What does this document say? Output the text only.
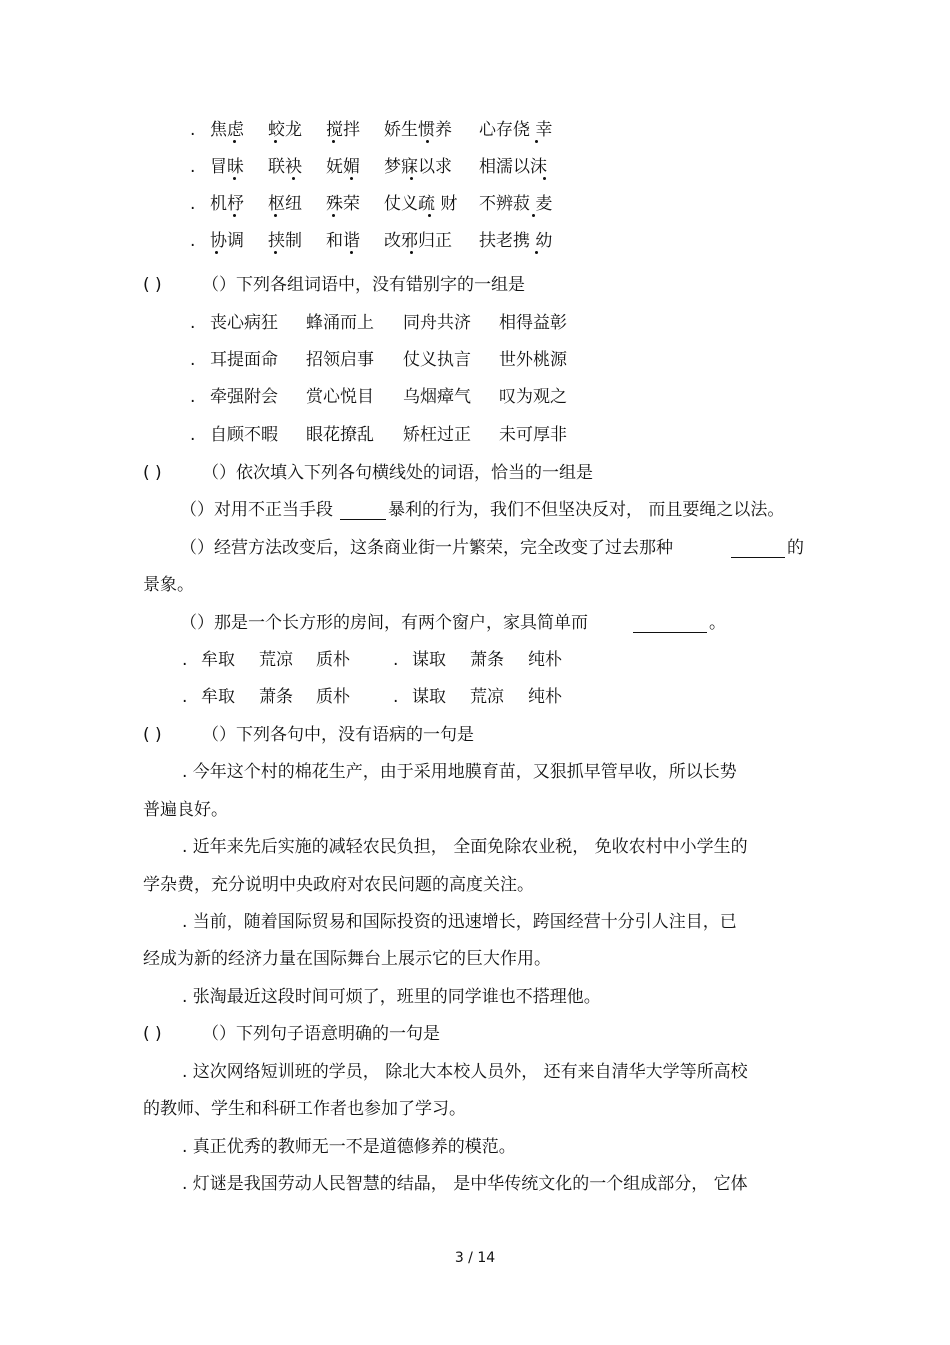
. 焦虑 蛟龙 搅拌 娇生惯养 心存侥 幸
. 冒昧 联袂 妩媚 梦寐以求 相濡以沫
. 机杼 枢纽 殊荣 仗义疏 财 不辨菽 麦
. 协调 挟制 和谐 改邪归正 扶老携 幼
( ) （）下列各组词语中，没有错别字的一组是
. 丧心病狂 蜂涌而上 同舟共济 相得益彰
. 耳提面命 招领启事 仗义执言 世外桃源
. 牵强附会 赏心悦目 乌烟瘴气 叹为观之
. 自顾不暇 眼花撩乱 矫枉过正 未可厚非
( ) （）依次填入下列各句横线处的词语，恰当的一组是
（）对用不正当手段	暴利的行为，我们不但坚决反对， 而且要绳之以法。
（）经营方法改变后，这条商业街一片繁荣，完全改变了过去那种	的
景象。
（）那是一个长方形的房间，有两个窗户，家具简单而	。
. 牟取 荒凉 质朴	. 谋取 萧条 纯朴
. 牟取 萧条 质朴	. 谋取 荒凉 纯朴
( ) （）下列各句中，没有语病的一句是
. 今年这个村的棉花生产，由于采用地膜育苗，又狠抓早管早收，所以长势
普遍良好。
. 近年来先后实施的减轻农民负担， 全面免除农业税， 免收农村中小学生的
学杂费，充分说明中央政府对农民问题的高度关注。
. 当前，随着国际贸易和国际投资的迅速增长，跨国经营十分引人注目，已
经成为新的经济力量在国际舞台上展示它的巨大作用。
. 张淘最近这段时间可烦了，班里的同学谁也不搭理他。
( ) （）下列句子语意明确的一句是
. 这次网络短训班的学员， 除北大本校人员外， 还有来自清华大学等所高校
的教师、学生和科研工作者也参加了学习。
. 真正优秀的教师无一不是道德修养的模范。
. 灯谜是我国劳动人民智慧的结晶， 是中华传统文化的一个组成部分， 它体
3 / 14
